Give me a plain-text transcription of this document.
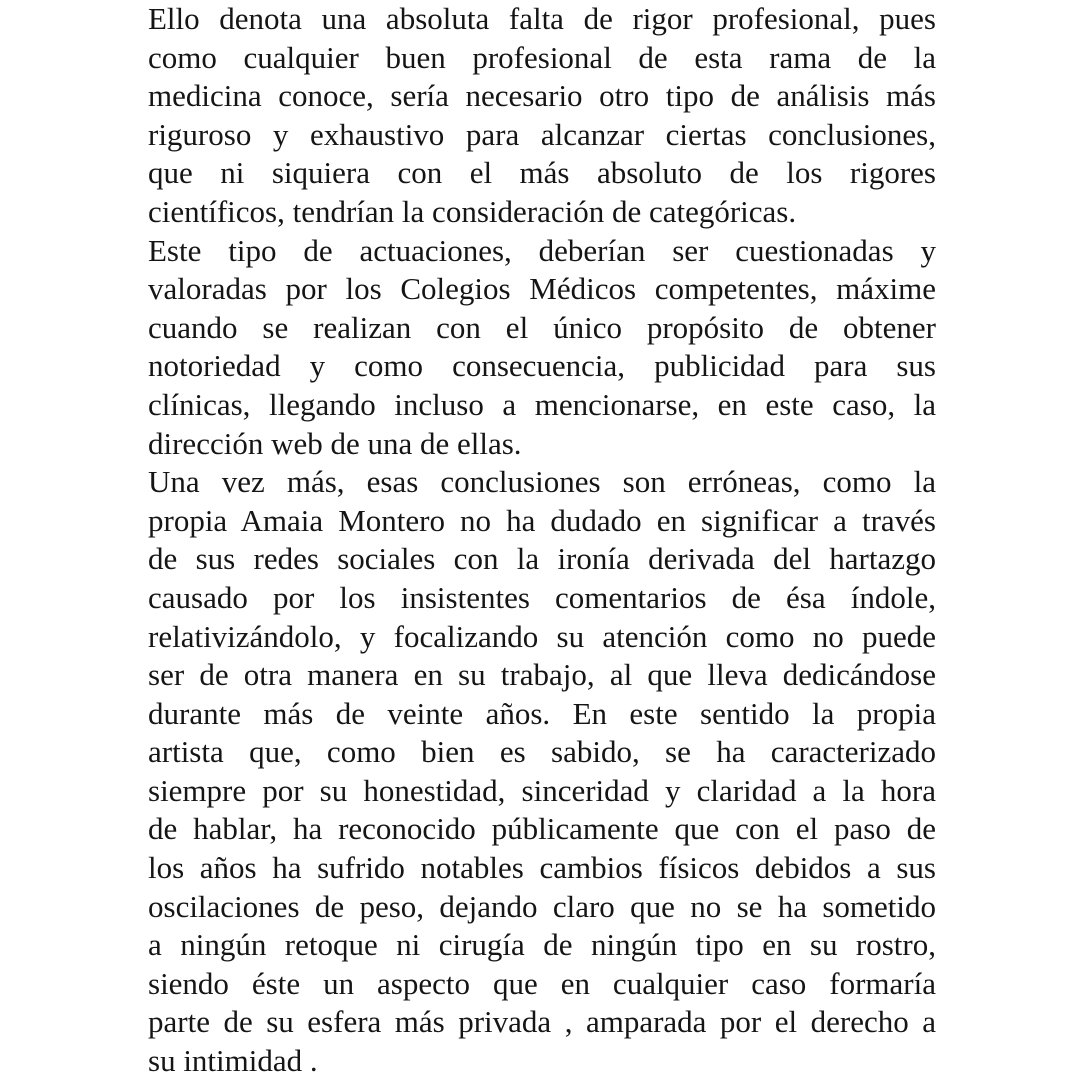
Ello denota una absoluta falta de rigor profesional, pues
como cualquier buen profesional de esta rama de la
medicina conoce, sería necesario otro tipo de análisis más
riguroso y exhaustivo para alcanzar ciertas conclusiones,
que ni siquiera con el más absoluto de los rigores
científicos, tendrían la consideración de categóricas.
Este tipo de actuaciones, deberían ser cuestionadas y
valoradas por los Colegios Médicos competentes, máxime
cuando se realizan con el único propósito de obtener
notoriedad y como consecuencia, publicidad para sus
clínicas, llegando incluso a mencionarse, en este caso, la
dirección web de una de ellas.
Una vez más, esas conclusiones son erróneas, como la
propia Amaia Montero no ha dudado en significar a través
de sus redes sociales con la ironía derivada del hartazgo
causado por los insistentes comentarios de ésa índole,
relativizándolo, y focalizando su atención como no puede
ser de otra manera en su trabajo, al que lleva dedicándose
durante más de veinte años. En este sentido la propia
artista que, como bien es sabido, se ha caracterizado
siempre por su honestidad, sinceridad y claridad a la hora
de hablar, ha reconocido públicamente que con el paso de
los años ha sufrido notables cambios físicos debidos a sus
oscilaciones de peso, dejando claro que no se ha sometido
a ningún retoque ni cirugía de ningún tipo en su rostro,
siendo éste un aspecto que en cualquier caso formaría
parte de su esfera más privada , amparada por el derecho a
su intimidad .
